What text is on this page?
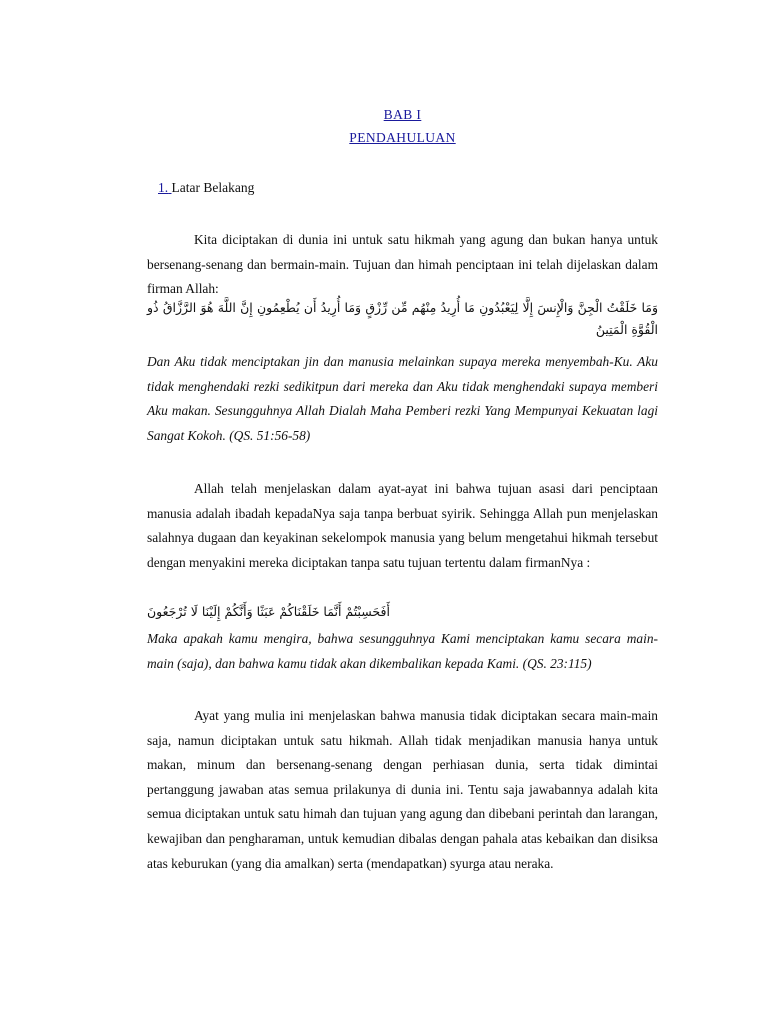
BAB I
PENDAHULUAN
1. Latar Belakang
Kita diciptakan di dunia ini untuk satu hikmah yang agung dan bukan hanya untuk bersenang-senang dan bermain-main. Tujuan dan himah penciptaan ini telah dijelaskan dalam firman Allah:
وَمَا خَلَقْتُ الْجِنَّ وَالْإِنسَ إِلَّا لِيَعْبُدُونِ مَا أُرِيدُ مِنْهُم مِّن رِّزْقٍ وَمَا أُرِيدُ أَن يُطْعِمُونِ إِنَّ اللَّهَ هُوَ الرَّزَّاقُ ذُو الْقُوَّةِ الْمَتِينُ
Dan Aku tidak menciptakan jin dan manusia melainkan supaya mereka menyembah-Ku. Aku tidak menghendaki rezki sedikitpun dari mereka dan Aku tidak menghendaki supaya memberi Aku makan. Sesungguhnya Allah Dialah Maha Pemberi rezki Yang Mempunyai Kekuatan lagi Sangat Kokoh. (QS. 51:56-58)
Allah telah menjelaskan dalam ayat-ayat ini bahwa tujuan asasi dari penciptaan manusia adalah ibadah kepadaNya saja tanpa berbuat syirik. Sehingga Allah pun menjelaskan salahnya dugaan dan keyakinan sekelompok manusia yang belum mengetahui hikmah tersebut dengan menyakini mereka diciptakan tanpa satu tujuan tertentu dalam firmanNya :
أَفَحَسِبْتُمْ أَنَّمَا خَلَقْنَاكُمْ عَبَثًا وَأَنَّكُمْ إِلَيْنَا لَا تُرْجَعُونَ
Maka apakah kamu mengira, bahwa sesungguhnya Kami menciptakan kamu secara main-main (saja), dan bahwa kamu tidak akan dikembalikan kepada Kami. (QS. 23:115)
Ayat yang mulia ini menjelaskan bahwa manusia tidak diciptakan secara main-main saja, namun diciptakan untuk satu hikmah. Allah tidak menjadikan manusia hanya untuk makan, minum dan bersenang-senang dengan perhiasan dunia, serta tidak dimintai pertanggung jawaban atas semua prilakunya di dunia ini. Tentu saja jawabannya adalah kita semua diciptakan untuk satu himah dan tujuan yang agung dan dibebani perintah dan larangan, kewajiban dan pengharaman, untuk kemudian dibalas dengan pahala atas kebaikan dan disiksa atas keburukan (yang dia amalkan) serta (mendapatkan) syurga atau neraka.
